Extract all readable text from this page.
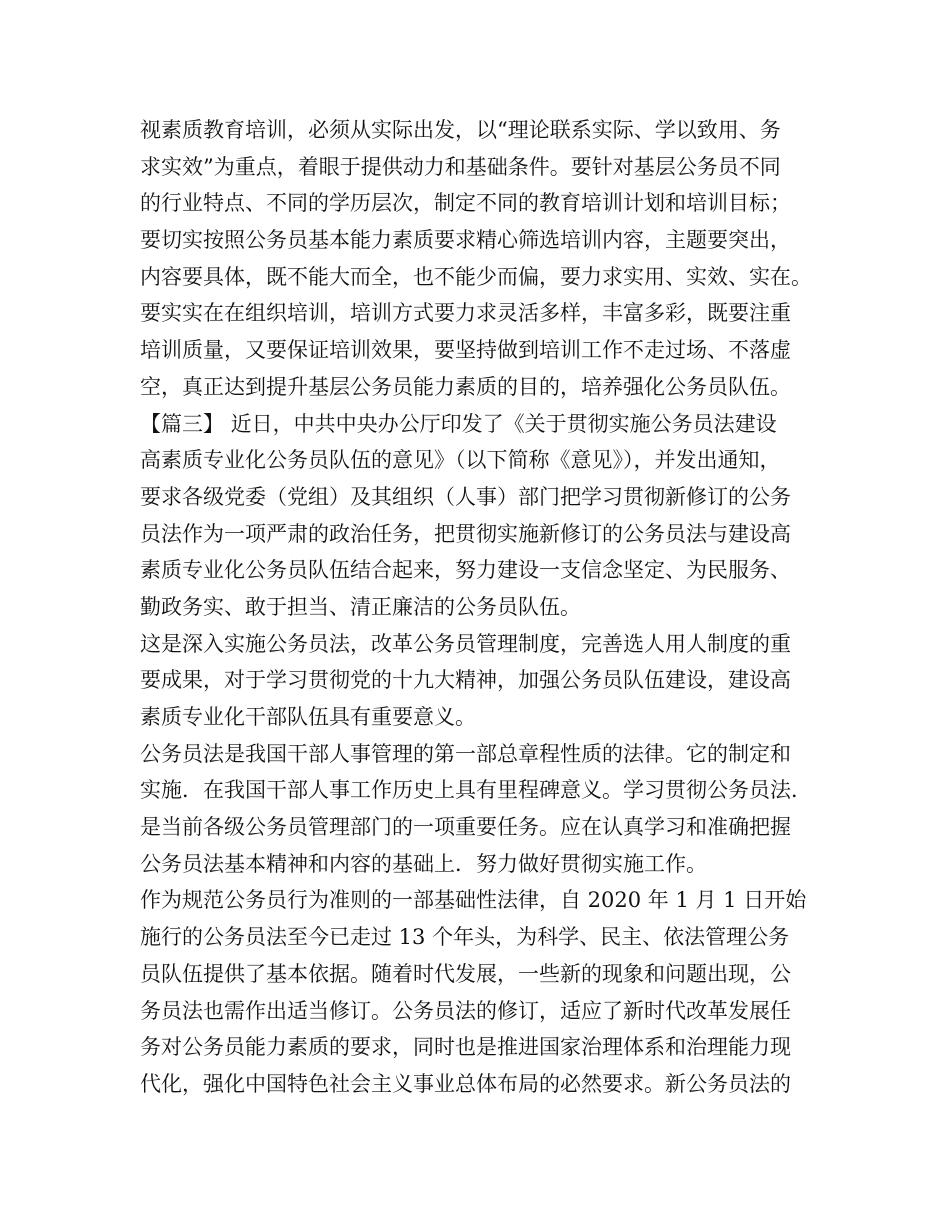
视素质教育培训，必须从实际出发，以“理论联系实际、学以致用、务
求实效”为重点，着眼于提供动力和基础条件。要针对基层公务员不同
的行业特点、不同的学历层次，制定不同的教育培训计划和培训目标；
要切实按照公务员基本能力素质要求精心筛选培训内容，主题要突出，
内容要具体，既不能大而全，也不能少而偏，要力求实用、实效、实在。
要实实在在组织培训，培训方式要力求灵活多样，丰富多彩，既要注重
培训质量，又要保证培训效果，要坚持做到培训工作不走过场、不落虚
空，真正达到提升基层公务员能力素质的目的，培养强化公务员队伍。
【篇三】 近日，中共中央办公厅印发了《关于贯彻实施公务员法建设
高素质专业化公务员队伍的意见》（以下简称《意见》），并发出通知，
要求各级党委（党组）及其组织（人事）部门把学习贯彻新修订的公务
员法作为一项严肃的政治任务，把贯彻实施新修订的公务员法与建设高
素质专业化公务员队伍结合起来，努力建设一支信念坚定、为民服务、
勤政务实、敢于担当、清正廉洁的公务员队伍。
这是深入实施公务员法，改革公务员管理制度，完善选人用人制度的重
要成果，对于学习贯彻党的十九大精神，加强公务员队伍建设，建设高
素质专业化干部队伍具有重要意义。
公务员法是我国干部人事管理的第一部总章程性质的法律。它的制定和
实施．在我国干部人事工作历史上具有里程碑意义。学习贯彻公务员法．
是当前各级公务员管理部门的一项重要任务。应在认真学习和准确把握
公务员法基本精神和内容的基础上．努力做好贯彻实施工作。
作为规范公务员行为准则的一部基础性法律，自 2020 年 1 月 1 日开始
施行的公务员法至今已走过 13 个年头，为科学、民主、依法管理公务
员队伍提供了基本依据。随着时代发展，一些新的现象和问题出现，公
务员法也需作出适当修订。公务员法的修订，适应了新时代改革发展任
务对公务员能力素质的要求，同时也是推进国家治理体系和治理能力现
代化，强化中国特色社会主义事业总体布局的必然要求。新公务员法的
